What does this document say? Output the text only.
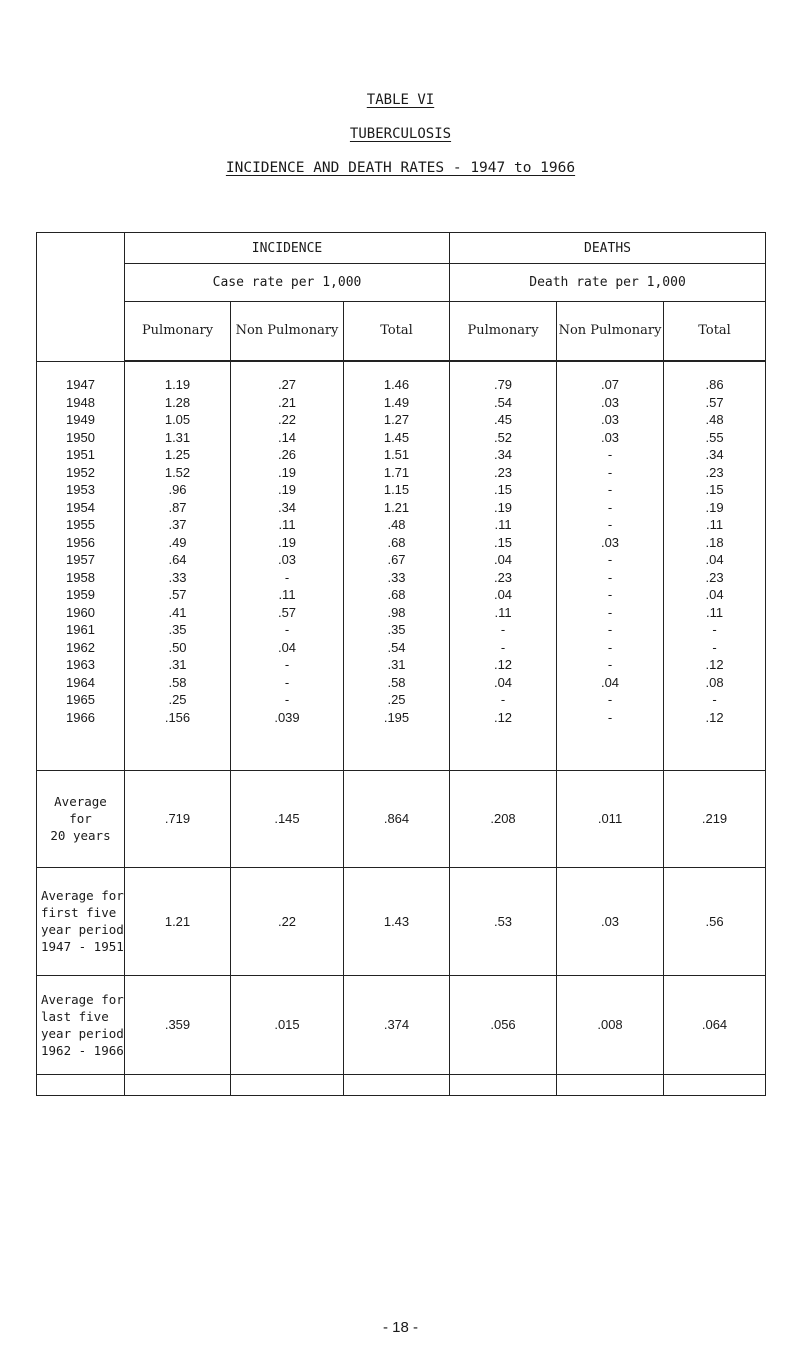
TABLE VI
TUBERCULOSIS
INCIDENCE AND DEATH RATES - 1947 to 1966
	INCIDENCE			DEATHS		
	Case rate per 1,000			Death rate per 1,000		
	Pulmonary	Non Pulmonary	Total	Pulmonary	Non Pulmonary	Total
1947	1.19	.27	1.46	.79	.07	.86
1948	1.28	.21	1.49	.54	.03	.57
1949	1.05	.22	1.27	.45	.03	.48
1950	1.31	.14	1.45	.52	.03	.55
1951	1.25	.26	1.51	.34	-	.34
1952	1.52	.19	1.71	.23	-	.23
1953	.96	.19	1.15	.15	-	.15
1954	.87	.34	1.21	.19	-	.19
1955	.37	.11	.48	.11	-	.11
1956	.49	.19	.68	.15	.03	.18
1957	.64	.03	.67	.04	-	.04
1958	.33	-	.33	.23	-	.23
1959	.57	.11	.68	.04	-	.04
1960	.41	.57	.98	.11	-	.11
1961	.35	-	.35	-	-	-
1962	.50	.04	.54	-	-	-
1963	.31	-	.31	.12	-	.12
1964	.58	-	.58	.04	.04	.08
1965	.25	-	.25	-	-	-
1966	.156	.039	.195	.12	-	.12

Average
for
20 years	.719	.145	.864	.208	.011	.219

Average for
first five
year period
1947 - 1951	1.21	.22	1.43	.53	.03	.56

Average for
last five
year period
1962 - 1966	.359	.015	.374	.056	.008	.064

- 18 -
